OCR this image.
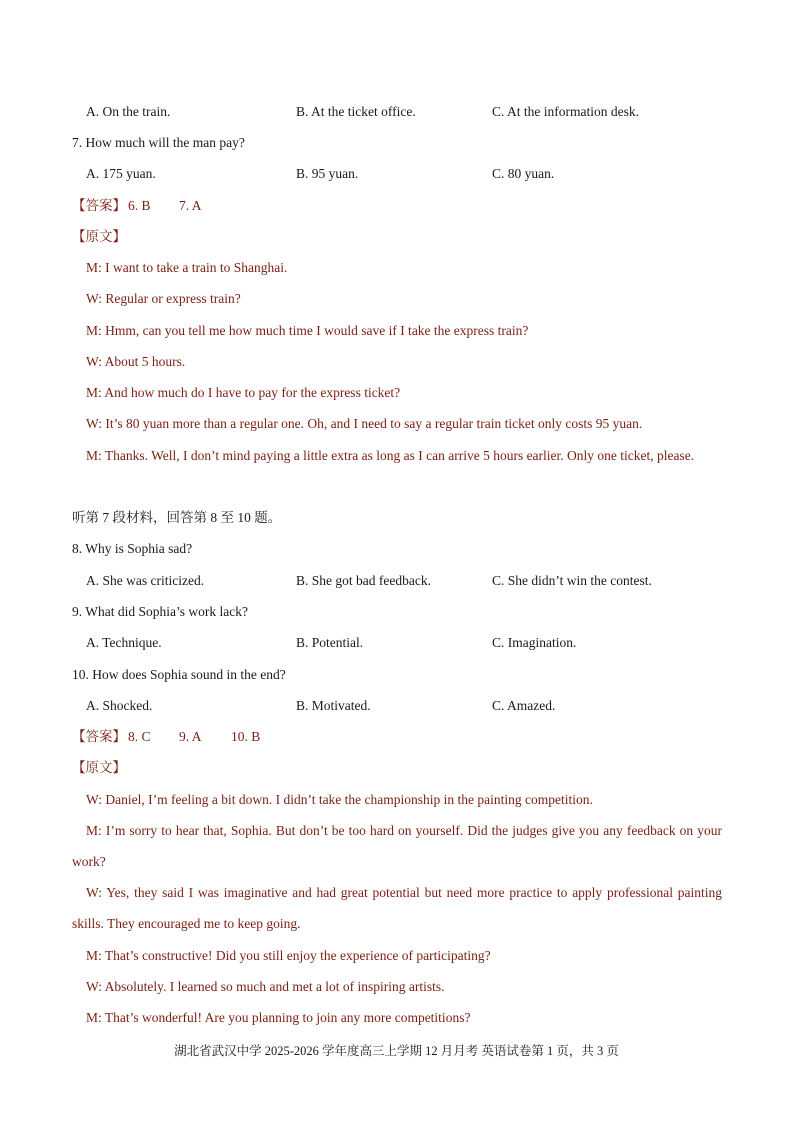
A. On the train.	B. At the ticket office.	C. At the information desk.
7. How much will the man pay?
A. 175 yuan.	B. 95 yuan.	C. 80 yuan.
【答案】 6. B 7. A
【原文】
M: I want to take a train to Shanghai.
W: Regular or express train?
M: Hmm, can you tell me how much time I would save if I take the express train?
W: About 5 hours.
M: And how much do I have to pay for the express ticket?
W: It’s 80 yuan more than a regular one. Oh, and I need to say a regular train ticket only costs 95 yuan.
M: Thanks. Well, I don’t mind paying a little extra as long as I can arrive 5 hours earlier. Only one ticket, please.
听第 7 段材料，回答第 8 至 10 题。
8. Why is Sophia sad?
A. She was criticized.	B. She got bad feedback.	C. She didn’t win the contest.
9. What did Sophia’s work lack?
A. Technique.	B. Potential.	C. Imagination.
10. How does Sophia sound in the end?
A. Shocked.	B. Motivated.	C. Amazed.
【答案】 8. C 9. A 10. B
【原文】
W: Daniel, I’m feeling a bit down. I didn’t take the championship in the painting competition.
M: I’m sorry to hear that, Sophia. But don’t be too hard on yourself. Did the judges give you any feedback on your work?
W: Yes, they said I was imaginative and had great potential but need more practice to apply professional painting skills. They encouraged me to keep going.
M: That’s constructive! Did you still enjoy the experience of participating?
W: Absolutely. I learned so much and met a lot of inspiring artists.
M: That’s wonderful! Are you planning to join any more competitions?
湖北省武汉中学 2025-2026 学年度高三上学期 12 月月考 英语试卷第 1 页，共 3 页
